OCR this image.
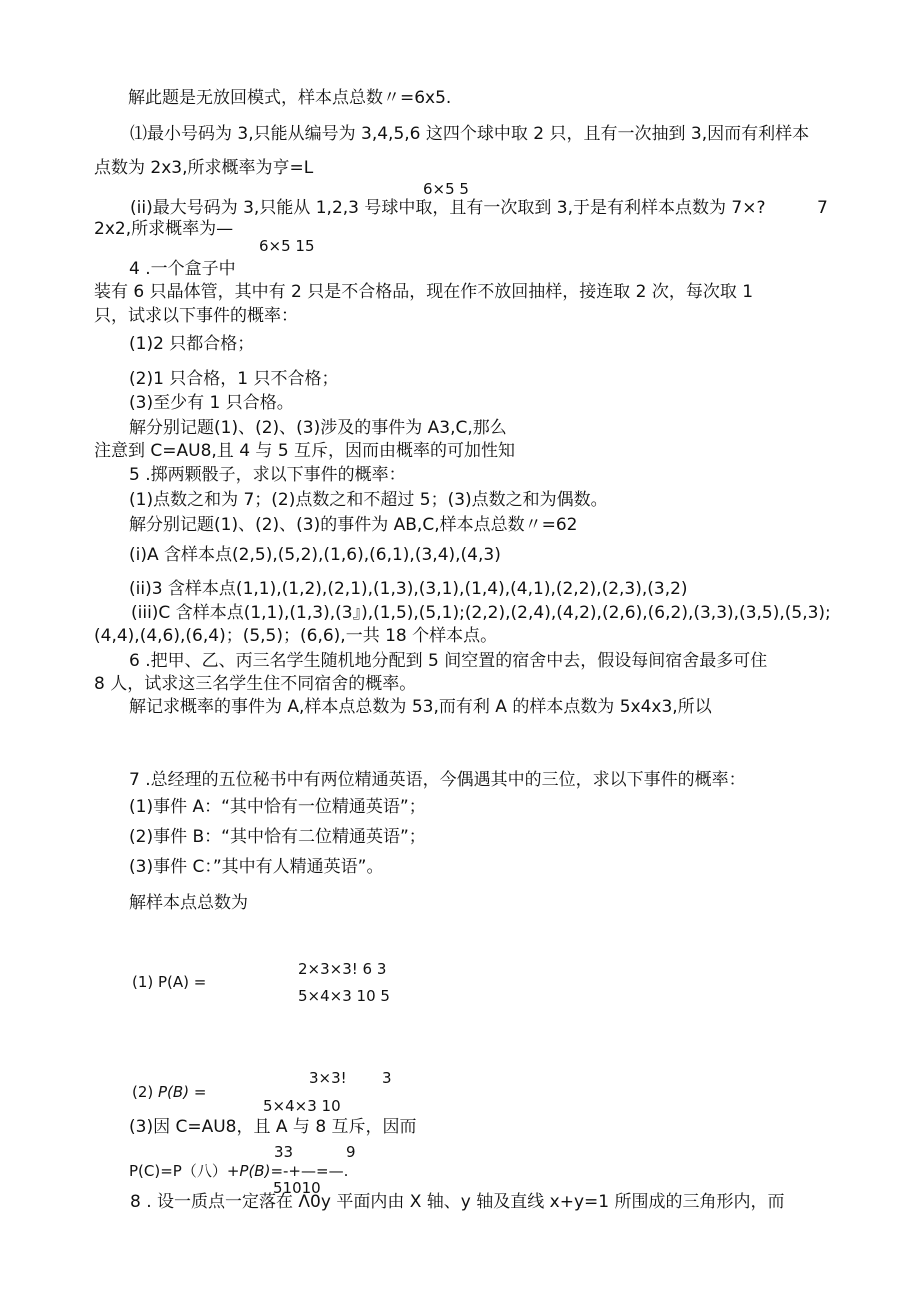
解此题是无放回模式，样本点总数〃=6x5.
⑴最小号码为 3,只能从编号为 3,4,5,6 这四个球中取 2 只，且有一次抽到 3,因而有利样本
点数为 2x3,所求概率为亨=L
6×5 5
(ii)最大号码为 3,只能从 1,2,3 号球中取，且有一次取到 3,于是有利样本点数为 7×?	7
2x2,所求概率为—
6×5 15
4 .一个盒子中
装有 6 只晶体管，其中有 2 只是不合格品，现在作不放回抽样，接连取 2 次，每次取 1
只，试求以下事件的概率：
(1)2 只都合格；
(2)1 只合格，1 只不合格；
(3)至少有 1 只合格。
解分别记题(1)、(2)、(3)涉及的事件为 A3,C,那么
注意到 C=AU8,且 4 与 5 互斥，因而由概率的可加性知
5 .掷两颗骰子，求以下事件的概率：
(1)点数之和为 7；(2)点数之和不超过 5；(3)点数之和为偶数。
解分别记题(1)、(2)、(3)的事件为 AB,C,样本点总数〃=62
(i)A 含样本点(2,5),(5,2),(1,6),(6,1),(3,4),(4,3)
(ii)3 含样本点(1,1),(1,2),(2,1),(1,3),(3,1),(1,4),(4,1),(2,2),(2,3),(3,2)
(iii)C 含样本点(1,1),(1,3),(3』),(1,5),(5,1);(2,2),(2,4),(4,2),(2,6),(6,2),(3,3),(3,5),(5,3);
(4,4),(4,6),(6,4)；(5,5)；(6,6),一共 18 个样本点。
6 .把甲、乙、丙三名学生随机地分配到 5 间空置的宿舍中去，假设每间宿舍最多可住
8 人，试求这三名学生住不同宿舍的概率。
解记求概率的事件为 A,样本点总数为 53,而有利 A 的样本点数为 5x4x3,所以
7 .总经理的五位秘书中有两位精通英语，今偶遇其中的三位，求以下事件的概率：
(1)事件 A：“其中恰有一位精通英语”；
(2)事件 B：“其中恰有二位精通英语”；
(3)事件 C：”其中有人精通英语”。
解样本点总数为
(1) P(A) =
2×3×3! 6 3
5×4×3 10 5
(2) P(B) =
3×3! 3
5×4×3 10
(3)因 C=AU8，且 A 与 8 互斥，因而
33	9
P(C)=P（八）+P(B)=-+—=—.
51010
8 . 设一质点一定落在 Λ0y 平面内由 X 轴、y 轴及直线 x+y=1 所围成的三角形内，而
